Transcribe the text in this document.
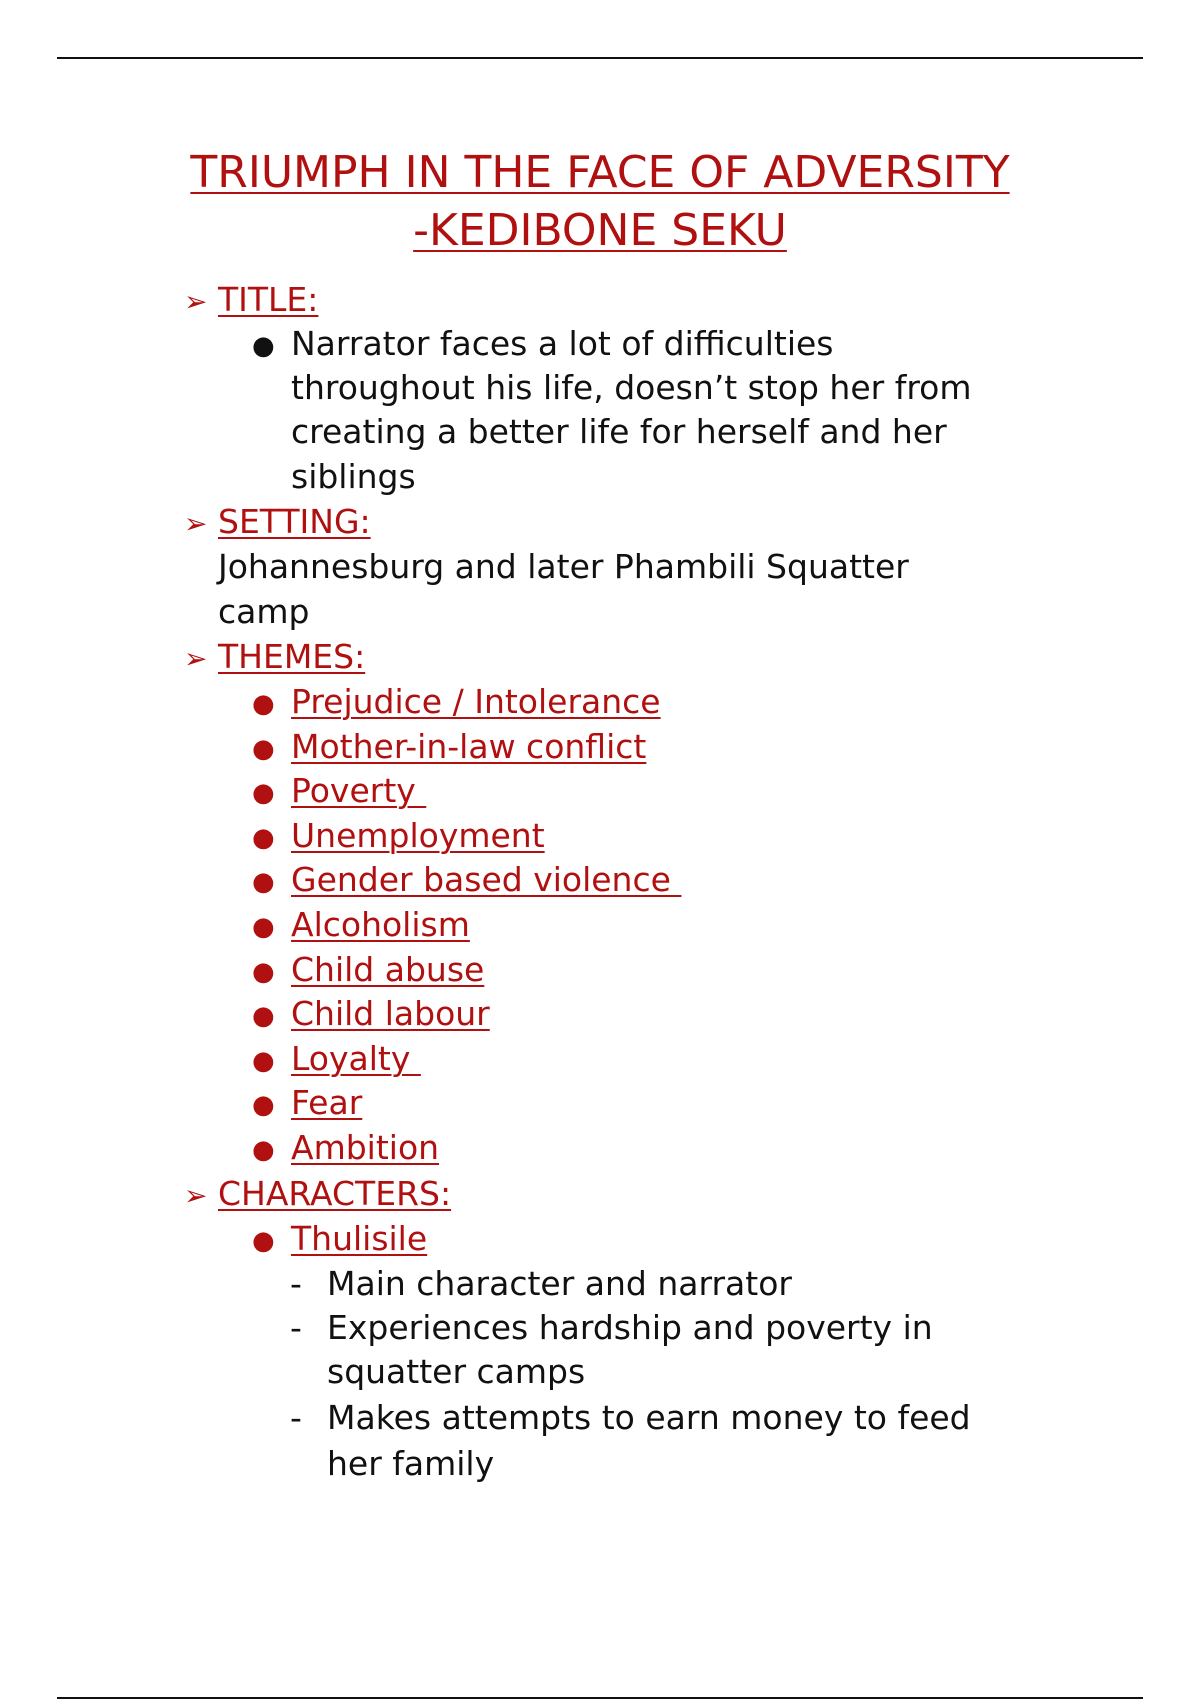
TRIUMPH IN THE FACE OF ADVERSITY
-KEDIBONE SEKU
➢ TITLE:
● Narrator faces a lot of difficulties
throughout his life, doesn’t stop her from
creating a better life for herself and her
siblings
➢ SETTING:
Johannesburg and later Phambili Squatter
camp
➢ THEMES:
● Prejudice / Intolerance
● Mother-in-law conflict
● Poverty
● Unemployment
● Gender based violence
● Alcoholism
● Child abuse
● Child labour
● Loyalty
● Fear
● Ambition
➢ CHARACTERS:
● Thulisile
- Main character and narrator
- Experiences hardship and poverty in
squatter camps
- Makes attempts to earn money to feed
her family
